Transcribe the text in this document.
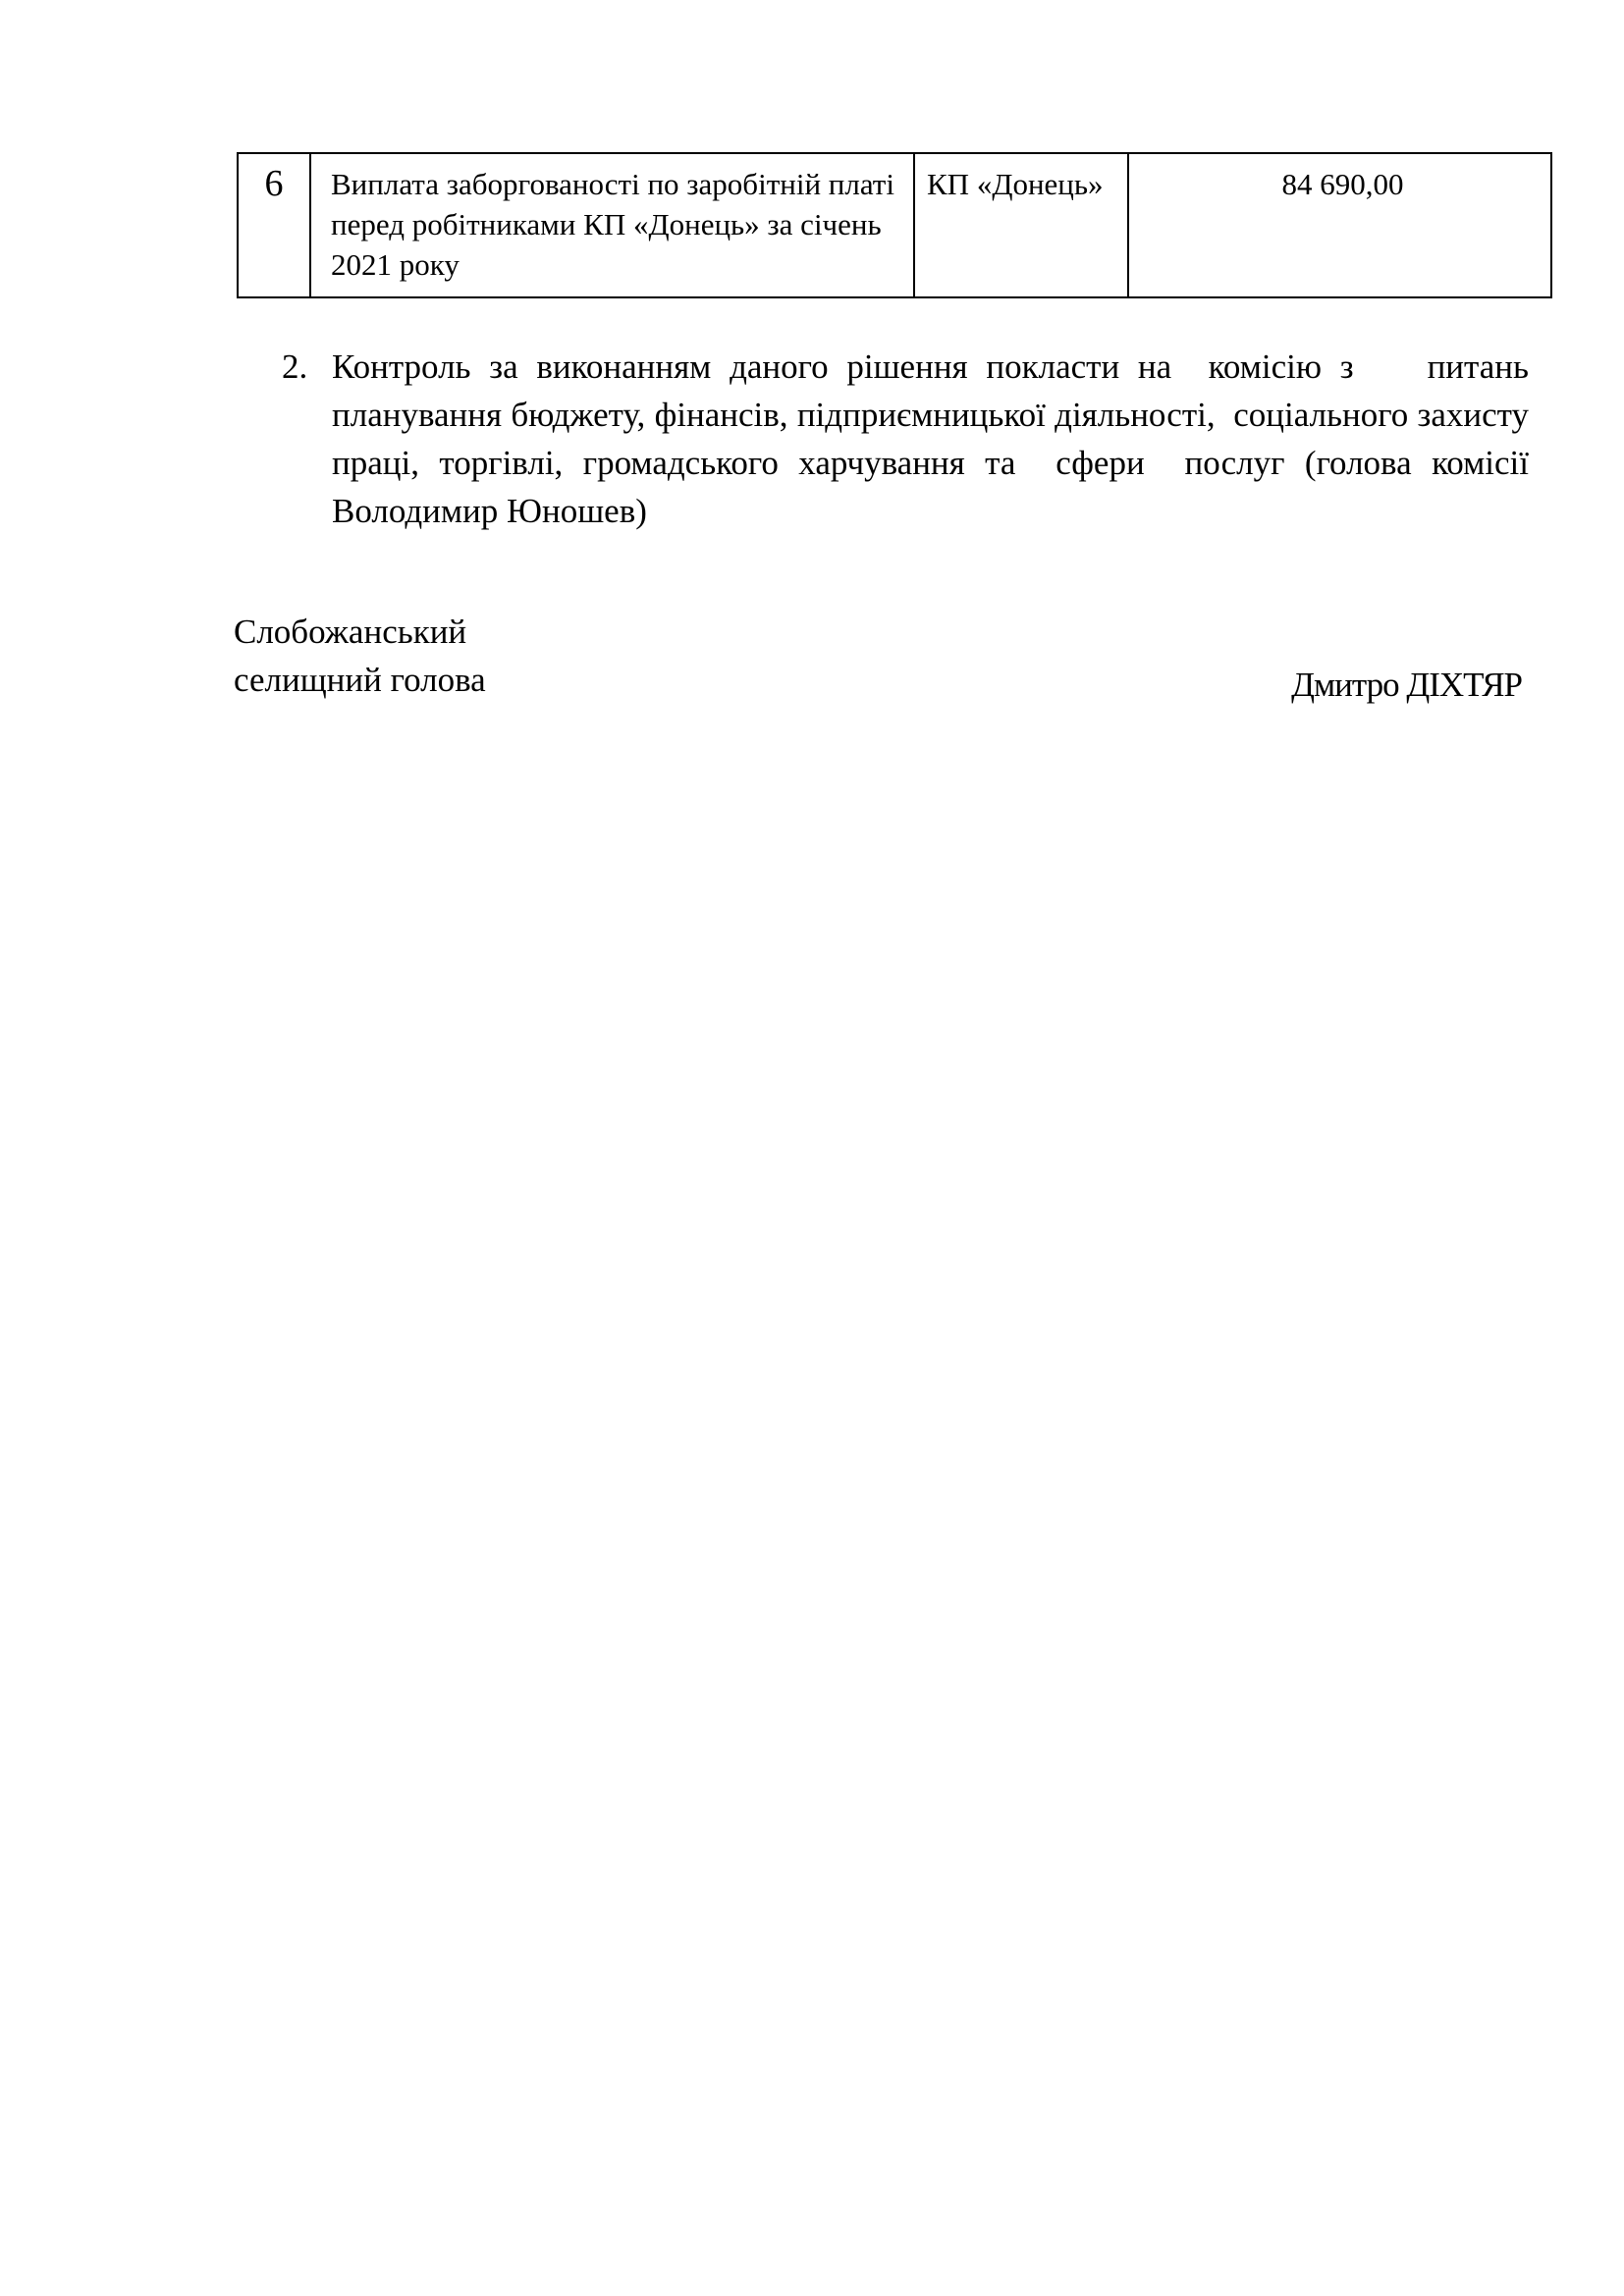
6	Виплата заборгованості по заробітній платі перед робітниками КП «Донець» за січень 2021 року	КП «Донець»	84 690,00
2. Контроль за виконанням даного рішення покласти на  комісію з    питань планування бюджету, фінансів, підприємницької діяльності,  соціального захисту праці, торгівлі, громадського харчування та  сфери  послуг (голова комісії  Володимир Юношев)
Слобожанський
селищний голова	Дмитро ДІХТЯР
